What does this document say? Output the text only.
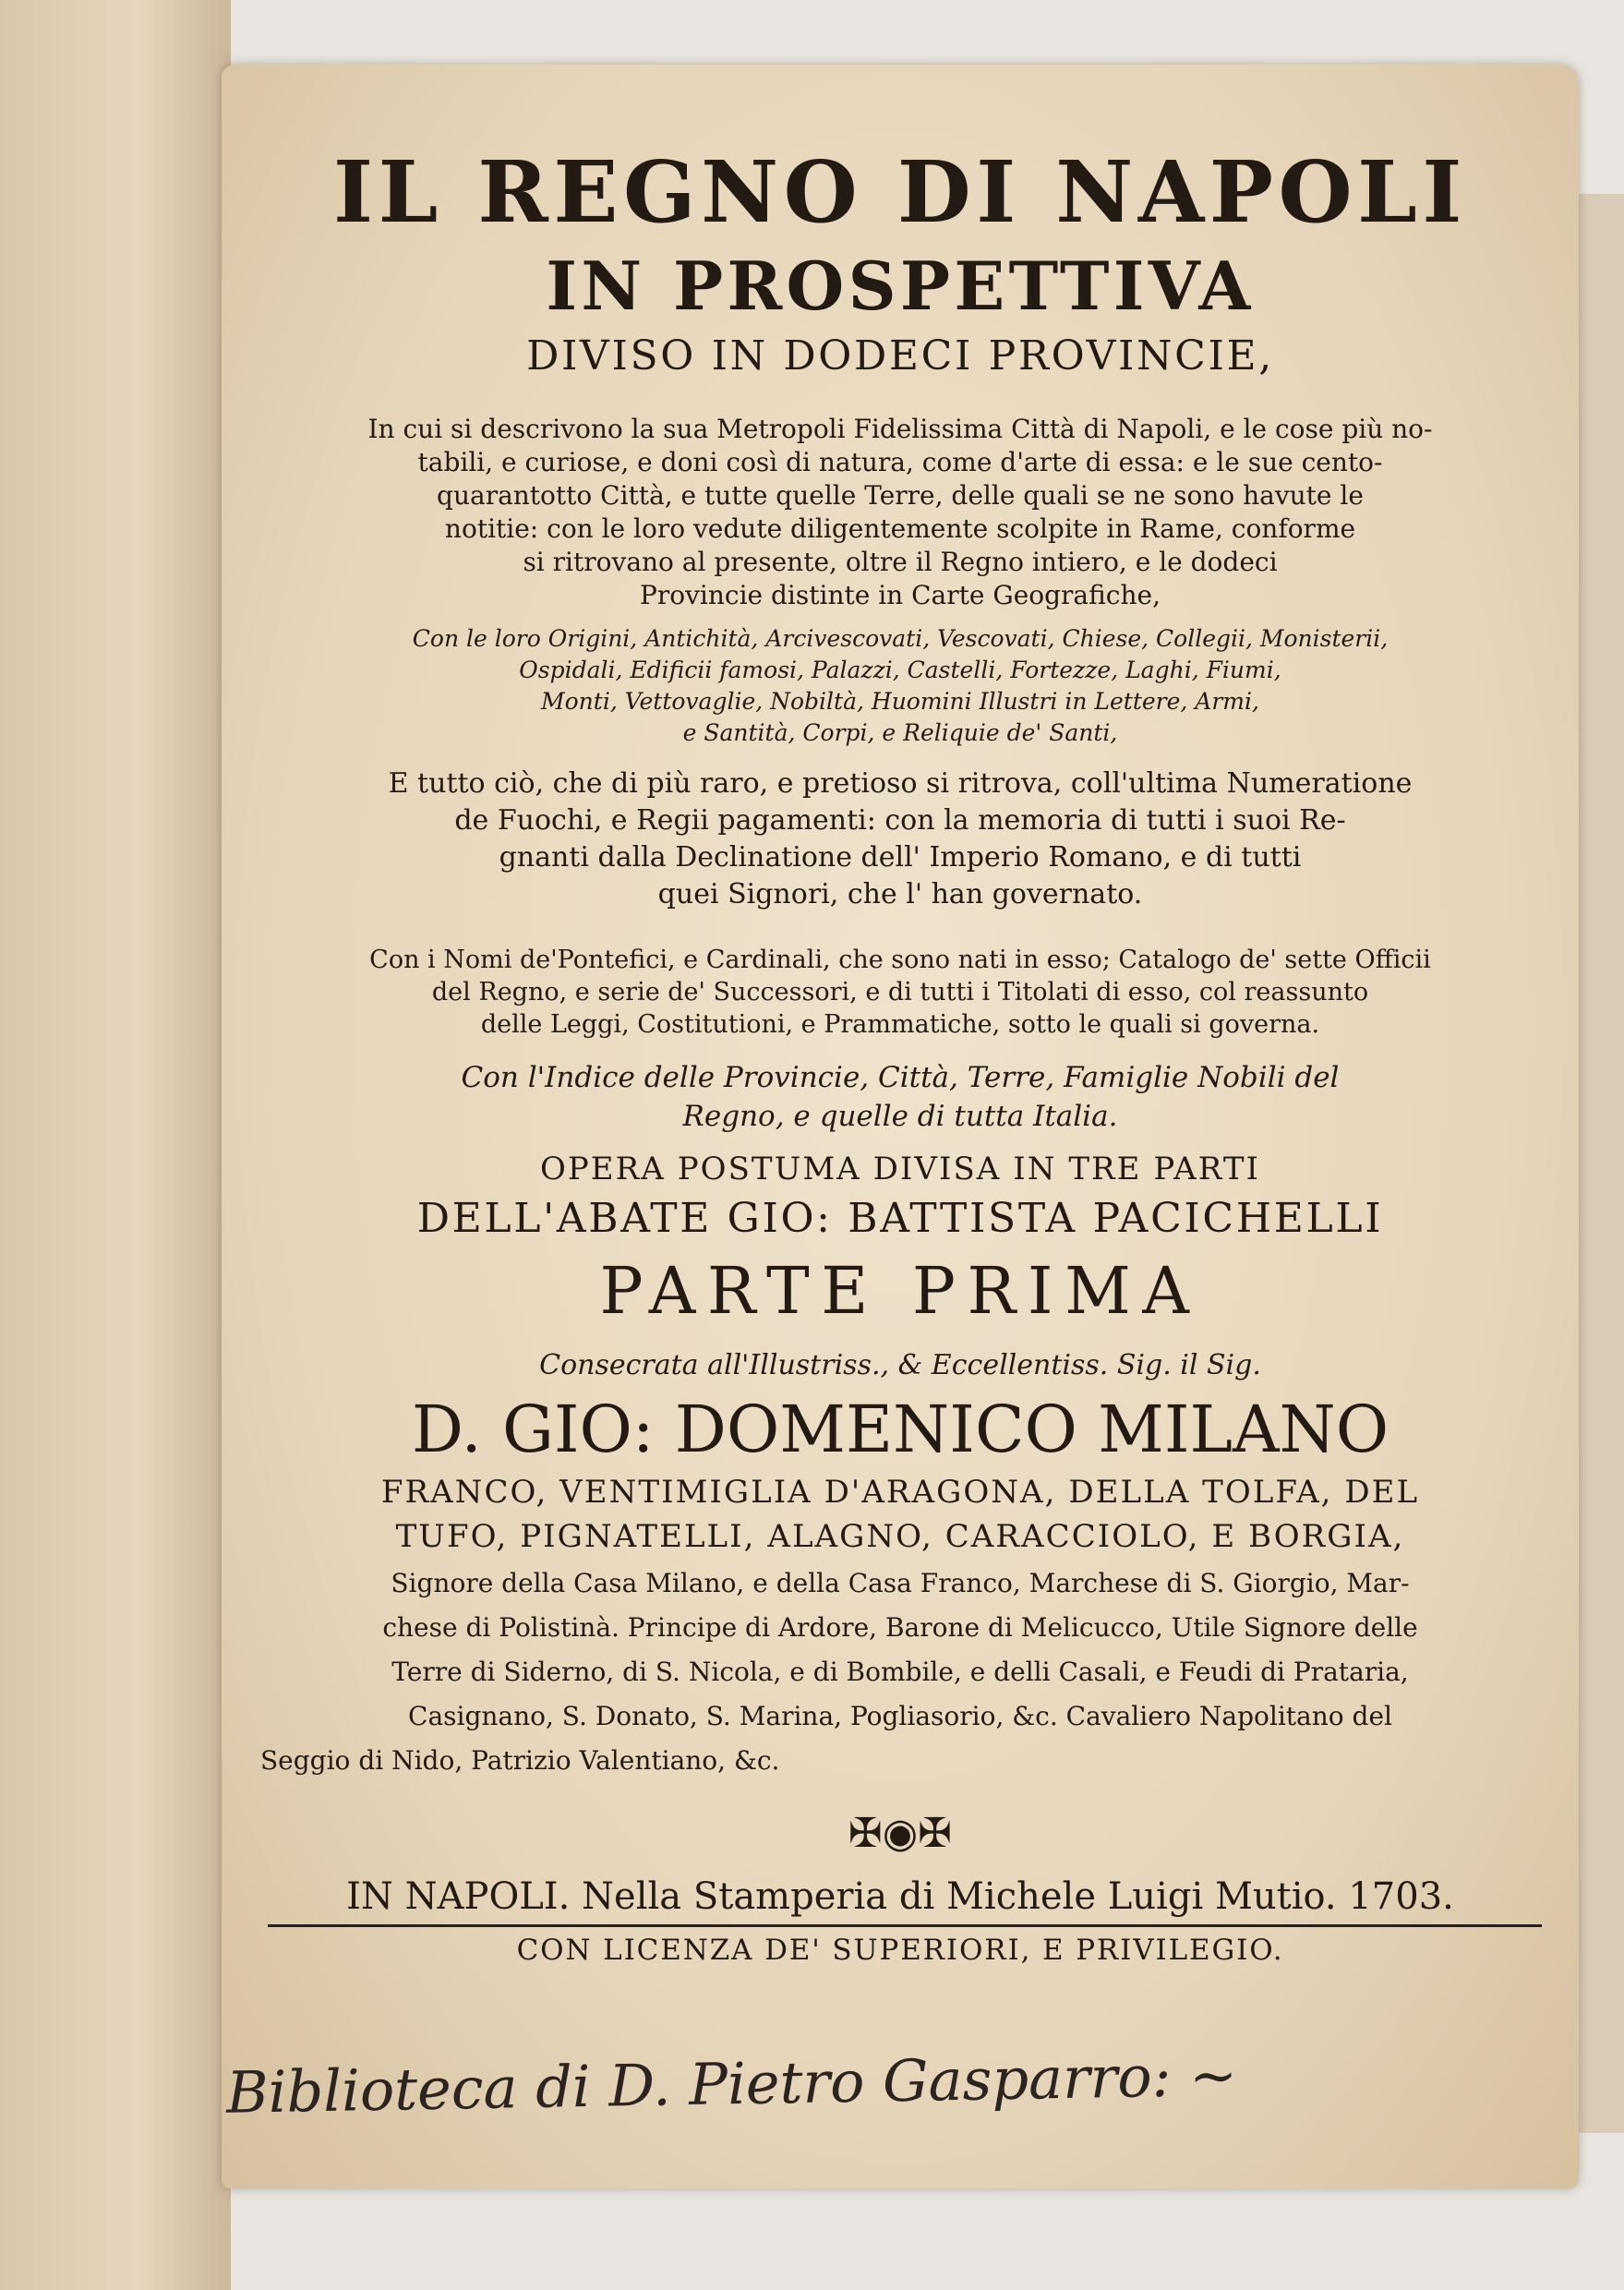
IL REGNO DI NAPOLI
IN PROSPETTIVA
DIVISO IN DODECI PROVINCIE,
In cui si descrivono la sua Metropoli Fidelissima Città di Napoli, e le cose più no-
tabili, e curiose, e doni così di natura, come d'arte di essa: e le sue cento-
quarantotto Città, e tutte quelle Terre, delle quali se ne sono havute le
notitie: con le loro vedute diligentemente scolpite in Rame, conforme
si ritrovano al presente, oltre il Regno intiero, e le dodeci
Provincie distinte in Carte Geografiche,
Con le loro Origini, Antichità, Arcivescovati, Vescovati, Chiese, Collegii, Monisterii,
Ospidali, Edificii famosi, Palazzi, Castelli, Fortezze, Laghi, Fiumi,
Monti, Vettovaglie, Nobiltà, Huomini Illustri in Lettere, Armi,
e Santità, Corpi, e Reliquie de' Santi,
E tutto ciò, che di più raro, e pretioso si ritrova, coll'ultima Numeratione
de Fuochi, e Regii pagamenti: con la memoria di tutti i suoi Re-
gnanti dalla Declinatione dell' Imperio Romano, e di tutti
quei Signori, che l' han governato.
Con i Nomi de'Pontefici, e Cardinali, che sono nati in esso; Catalogo de' sette Officii
del Regno, e serie de' Successori, e di tutti i Titolati di esso, col reassunto
delle Leggi, Costitutioni, e Prammatiche, sotto le quali si governa.
Con l'Indice delle Provincie, Città, Terre, Famiglie Nobili del
Regno, e quelle di tutta Italia.
OPERA POSTUMA DIVISA IN TRE PARTI
DELL'ABATE GIO: BATTISTA PACICHELLI
PARTE PRIMA
Consecrata all'Illustriss., & Eccellentiss. Sig. il Sig.
D. GIO: DOMENICO MILANO
FRANCO, VENTIMIGLIA D'ARAGONA, DELLA TOLFA, DEL
TUFO, PIGNATELLI, ALAGNO, CARACCIOLO, E BORGIA,
Signore della Casa Milano, e della Casa Franco, Marchese di S. Giorgio, Mar-
chese di Polistinà. Principe di Ardore, Barone di Melicucco, Utile Signore delle
Terre di Siderno, di S. Nicola, e di Bombile, e delli Casali, e Feudi di Prataria,
Casignano, S. Donato, S. Marina, Pogliasorio, &c. Cavaliero Napolitano del
Seggio di Nido, Patrizio Valentiano, &c.
✠◉✠
IN NAPOLI. Nella Stamperia di Michele Luigi Mutio. 1703.
CON LICENZA DE' SUPERIORI, E PRIVILEGIO.
Biblioteca di D. Pietro Gasparro: ~
